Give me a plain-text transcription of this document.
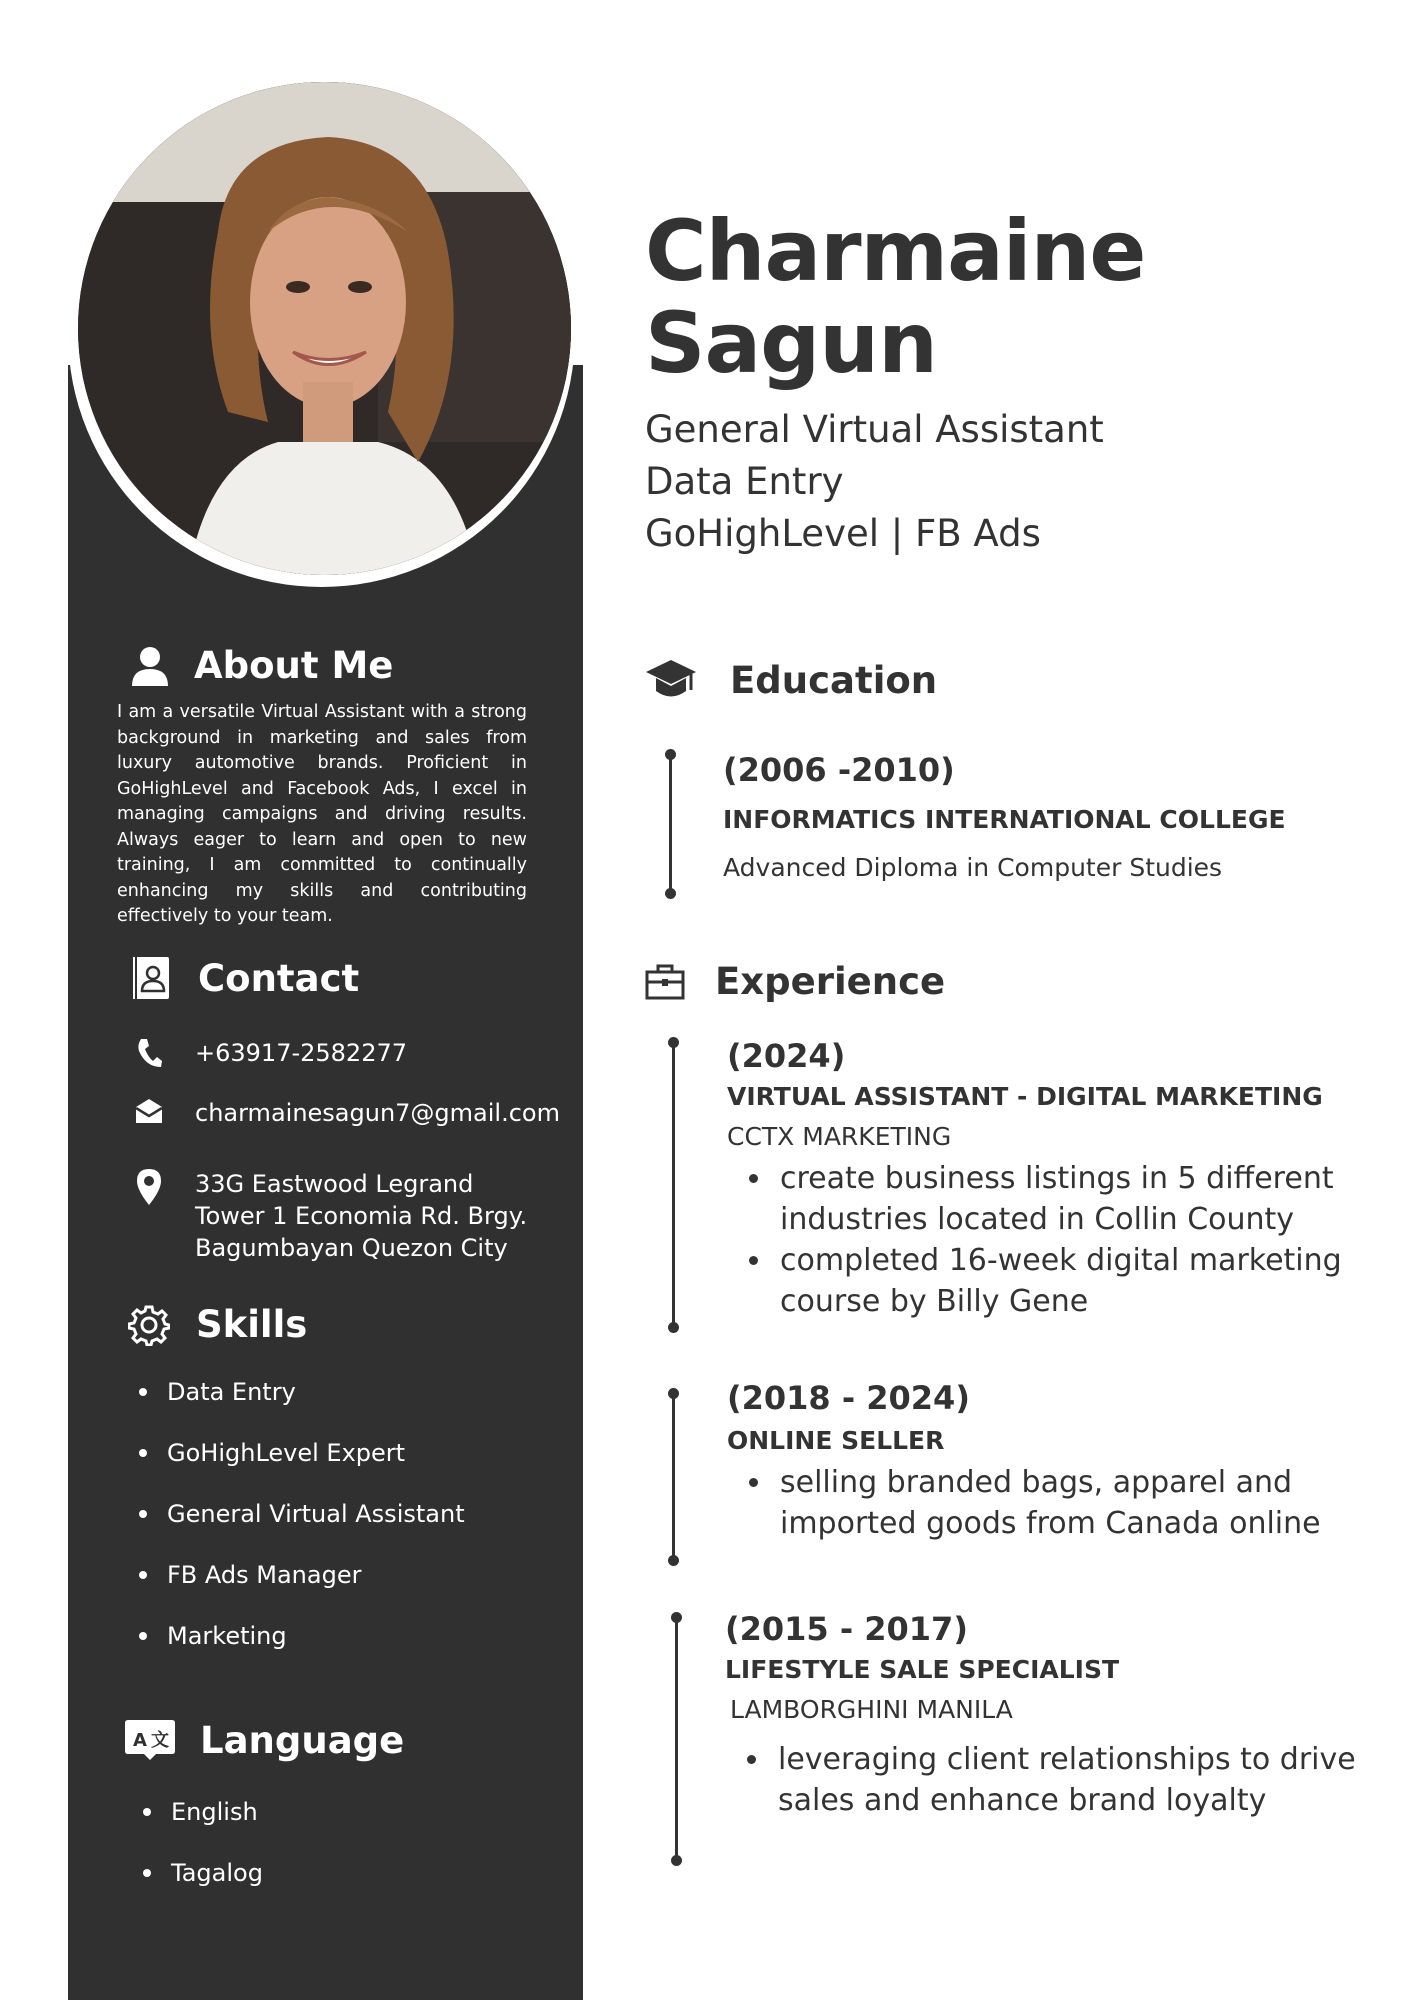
Charmaine
Sagun
General Virtual Assistant
Data Entry
GoHighLevel | FB Ads
About Me
I am a versatile Virtual Assistant with a strong background in marketing and sales from luxury automotive brands. Proficient in GoHighLevel and Facebook Ads, I excel in managing campaigns and driving results. Always eager to learn and open to new training, I am committed to continually enhancing my skills and contributing effectively to your team.
Contact
+63917-2582277
charmainesagun7@gmail.com
33G Eastwood Legrand
Tower 1 Economia Rd. Brgy.
Bagumbayan Quezon City
Skills
Data Entry
GoHighLevel Expert
General Virtual Assistant
FB Ads Manager
Marketing
A 文 Language
English
Tagalog
Education
(2006 -2010)
INFORMATICS INTERNATIONAL COLLEGE
Advanced Diploma in Computer Studies
Experience
(2024)
VIRTUAL ASSISTANT - DIGITAL MARKETING
CCTX MARKETING
create business listings in 5 different industries located in Collin County
completed 16-week digital marketing course by Billy Gene
(2018 - 2024)
ONLINE SELLER
selling branded bags, apparel and imported goods from Canada online
(2015 - 2017)
LIFESTYLE SALE SPECIALIST
LAMBORGHINI MANILA
leveraging client relationships to drive sales and enhance brand loyalty
